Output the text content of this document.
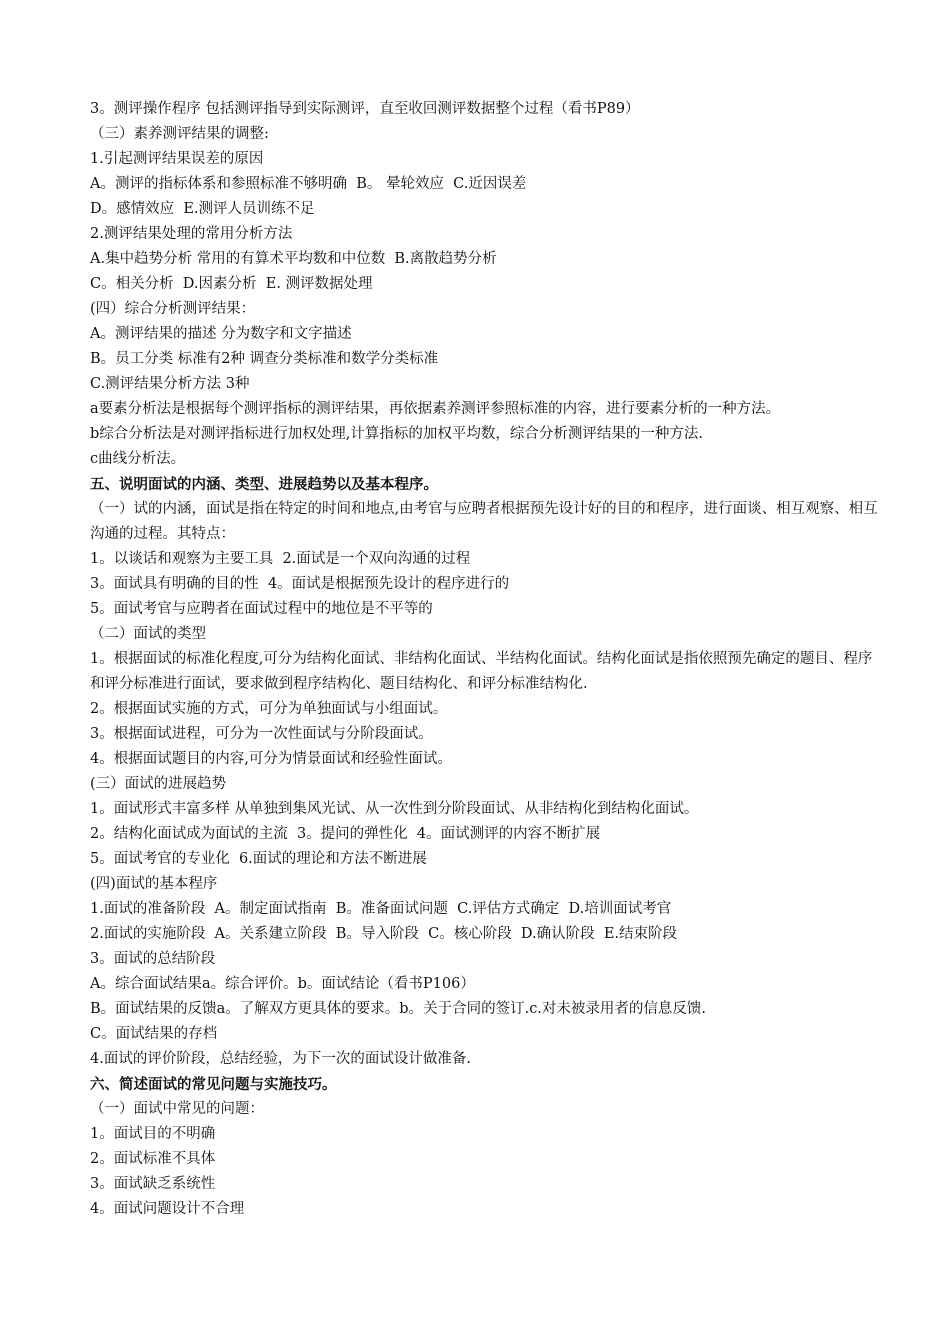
3。测评操作程序 包括测评指导到实际测评，直至收回测评数据整个过程（看书P89）

（三）素养测评结果的调整:

1.引起测评结果误差的原因

A。测评的指标体系和参照标准不够明确  B。 晕轮效应  C.近因误差

D。感情效应  E.测评人员训练不足

2.测评结果处理的常用分析方法

A.集中趋势分析 常用的有算术平均数和中位数  B.离散趋势分析

C。相关分析  D.因素分析  E. 测评数据处理

(四）综合分析测评结果：

A。测评结果的描述 分为数字和文字描述

B。员工分类 标准有2种 调查分类标准和数学分类标准

C.测评结果分析方法 3种

a要素分析法是根据每个测评指标的测评结果，再依据素养测评参照标准的内容，进行要素分析的一种方法。

b综合分析法是对测评指标进行加权处理,计算指标的加权平均数，综合分析测评结果的一种方法.

c曲线分析法。

五、说明面试的内涵、类型、进展趋势以及基本程序。

（一）试的内涵，面试是指在特定的时间和地点,由考官与应聘者根据预先设计好的目的和程序，进行面谈、相互观察、相互沟通的过程。其特点：

1。以谈话和观察为主要工具  2.面试是一个双向沟通的过程

3。面试具有明确的目的性  4。面试是根据预先设计的程序进行的

5。面试考官与应聘者在面试过程中的地位是不平等的

（二）面试的类型

1。根据面试的标准化程度,可分为结构化面试、非结构化面试、半结构化面试。结构化面试是指依照预先确定的题目、程序和评分标准进行面试，要求做到程序结构化、题目结构化、和评分标准结构化.

2。根据面试实施的方式，可分为单独面试与小组面试。

3。根据面试进程，可分为一次性面试与分阶段面试。

4。根据面试题目的内容,可分为情景面试和经验性面试。

(三）面试的进展趋势

1。面试形式丰富多样 从单独到集风光试、从一次性到分阶段面试、从非结构化到结构化面试。

2。结构化面试成为面试的主流  3。提问的弹性化  4。面试测评的内容不断扩展

5。面试考官的专业化  6.面试的理论和方法不断进展

(四)面试的基本程序

1.面试的准备阶段  A。制定面试指南  B。准备面试问题  C.评估方式确定  D.培训面试考官

2.面试的实施阶段  A。关系建立阶段  B。导入阶段  C。核心阶段  D.确认阶段  E.结束阶段

3。面试的总结阶段

A。综合面试结果a。综合评价。b。面试结论（看书P106）

B。面试结果的反馈a。了解双方更具体的要求。b。关于合同的签订.c.对未被录用者的信息反馈.

C。面试结果的存档

4.面试的评价阶段，总结经验，为下一次的面试设计做准备.

六、简述面试的常见问题与实施技巧。

（一）面试中常见的问题：

1。面试目的不明确

2。面试标准不具体

3。面试缺乏系统性

4。面试问题设计不合理
